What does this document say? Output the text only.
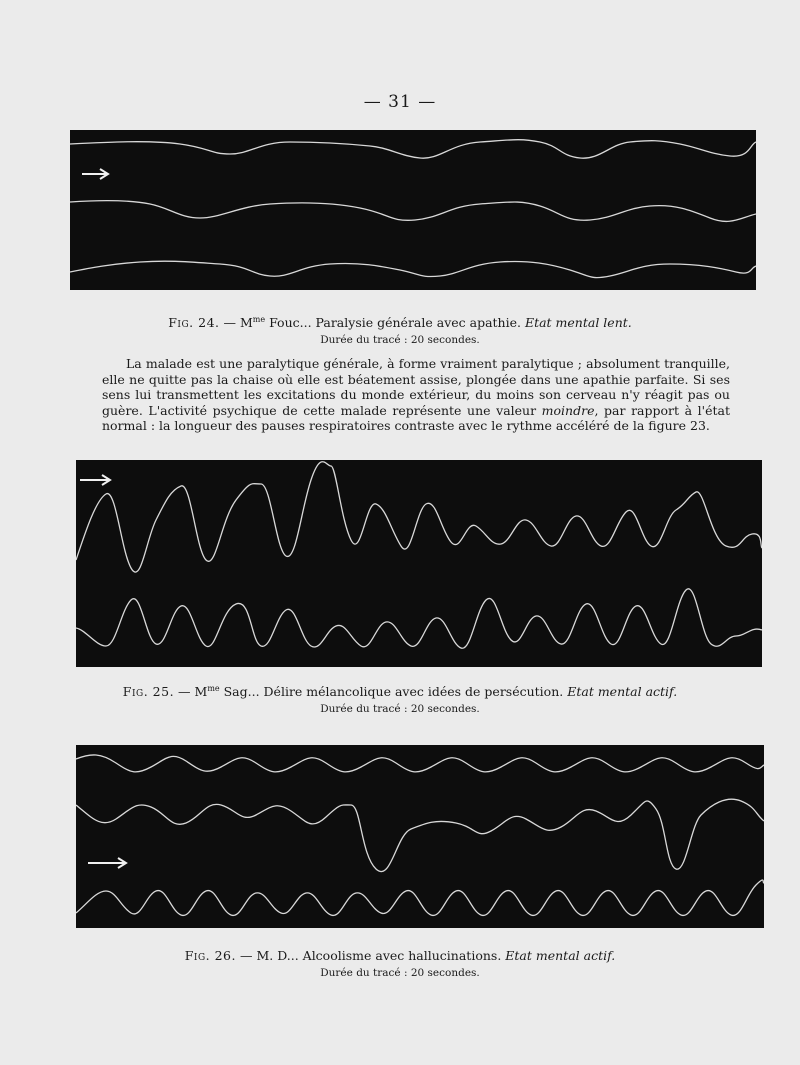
— 31 —
Fig. 24. — $M^{me}$ Fouc... Paralysie générale avec apathie. Etat mental lent.
Durée du tracé : 20 secondes.
La malade est une paralytique générale, à forme vraiment paralytique ; absolument tranquille, elle ne quitte pas la chaise où elle est béatement assise, plongée dans une apathie parfaite. Si ses sens lui transmettent les excitations du monde extérieur, du moins son cerveau n'y réagit pas ou guère. L'activité psychique de cette malade représente une valeur moindre, par rapport à l'état normal : la longueur des pauses respiratoires contraste avec le rythme accéléré de la figure 23.
Fig. 25. — $M^{me}$ Sag... Délire mélancolique avec idées de persécution. Etat mental actif.
Durée du tracé : 20 secondes.
Fig. 26. — M. D... Alcoolisme avec hallucinations. Etat mental actif.
Durée du tracé : 20 secondes.
